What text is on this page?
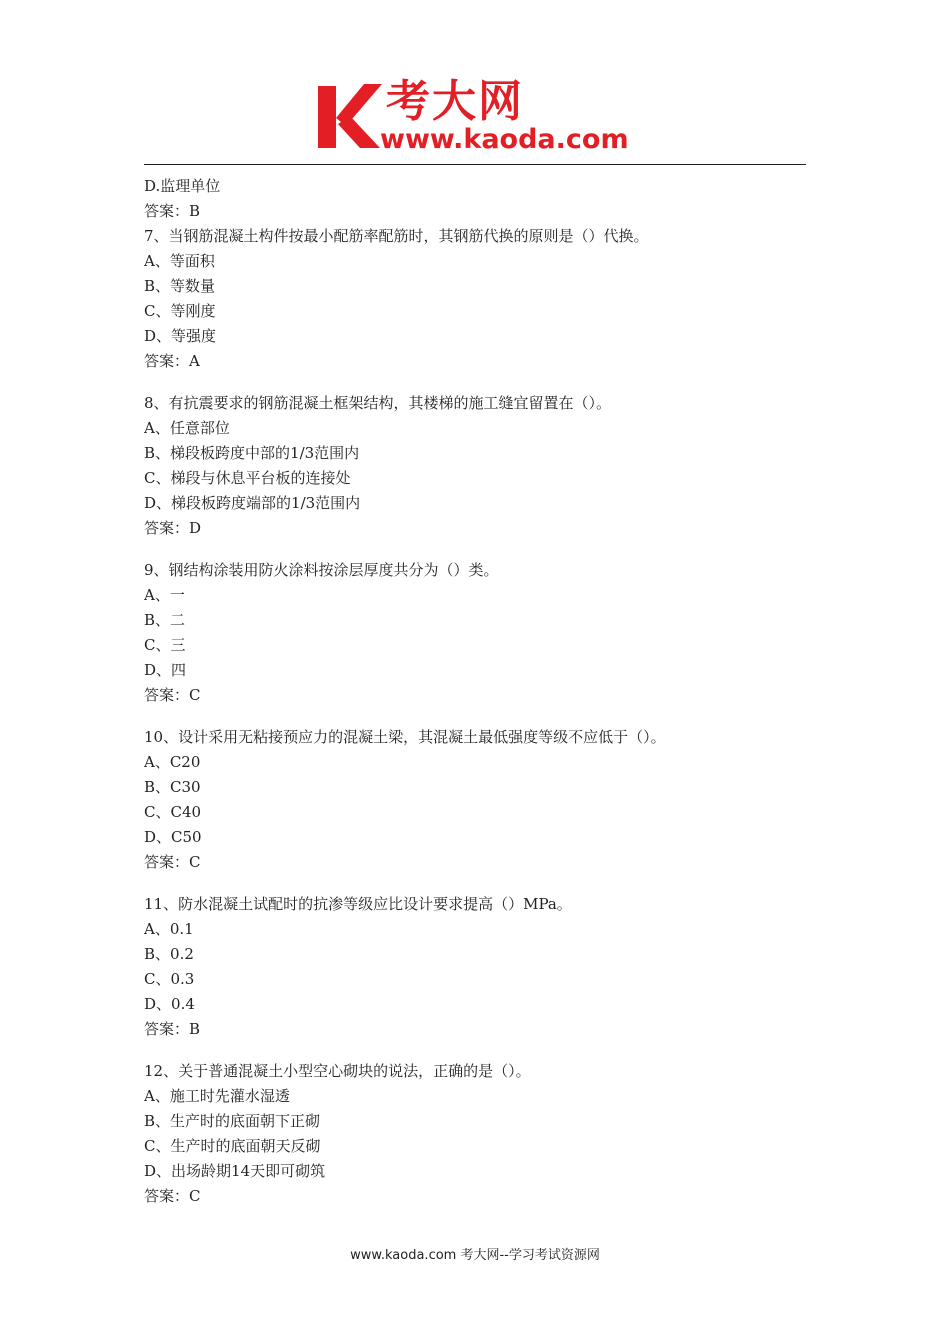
考大网
www.kaoda.com
D.监理单位
答案：B
7、当钢筋混凝土构件按最小配筋率配筋时，其钢筋代换的原则是（）代换。
A、等面积
B、等数量
C、等刚度
D、等强度
答案：A
8、有抗震要求的钢筋混凝土框架结构，其楼梯的施工缝宜留置在（）。
A、任意部位
B、梯段板跨度中部的1/3范围内
C、梯段与休息平台板的连接处
D、梯段板跨度端部的1/3范围内
答案：D
9、钢结构涂装用防火涂料按涂层厚度共分为（）类。
A、一
B、二
C、三
D、四
答案：C
10、设计采用无粘接预应力的混凝土梁，其混凝土最低强度等级不应低于（）。
A、C20
B、C30
C、C40
D、C50
答案：C
11、防水混凝土试配时的抗渗等级应比设计要求提高（）MPa。
A、0.1
B、0.2
C、0.3
D、0.4
答案：B
12、关于普通混凝土小型空心砌块的说法，正确的是（）。
A、施工时先灌水湿透
B、生产时的底面朝下正砌
C、生产时的底面朝天反砌
D、出场龄期14天即可砌筑
答案：C
www.kaoda.com 考大网--学习考试资源网
